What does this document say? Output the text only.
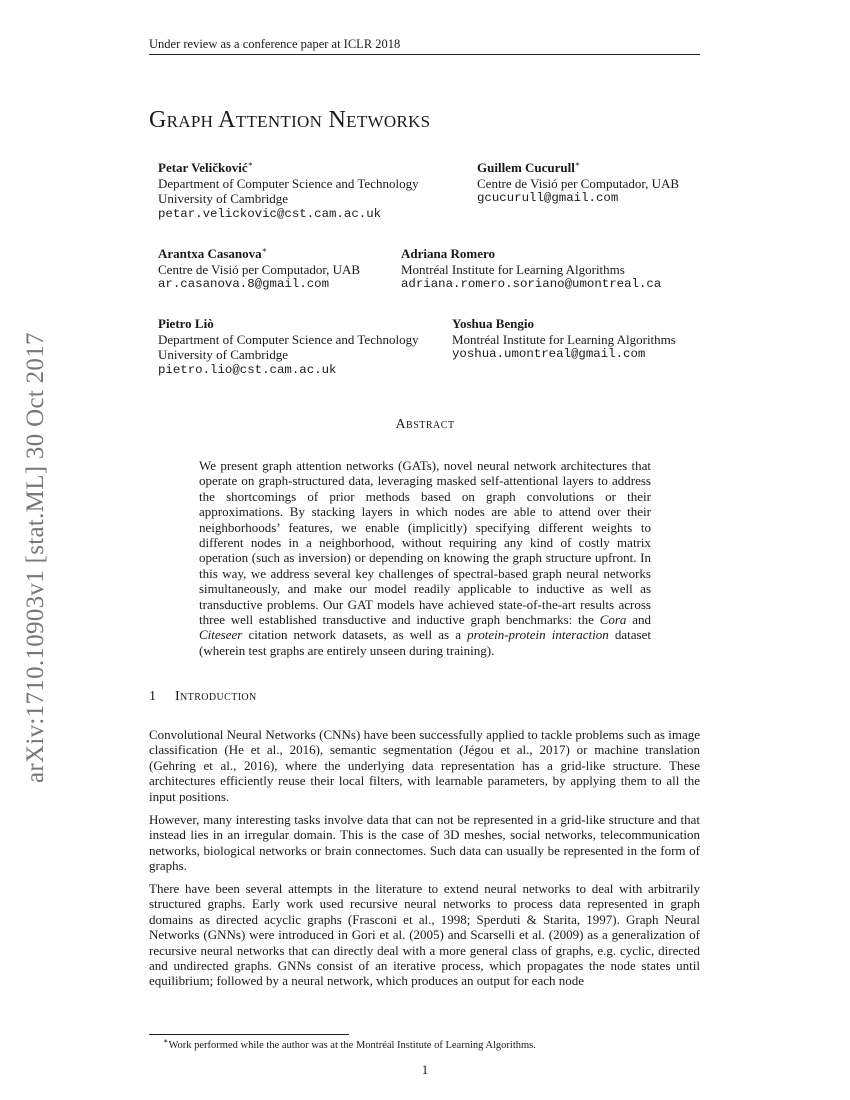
Under review as a conference paper at ICLR 2018
arXiv:1710.10903v1 [stat.ML] 30 Oct 2017
Graph Attention Networks
Petar Veličković∗
Department of Computer Science and Technology
University of Cambridge
petar.velickovic@cst.cam.ac.uk
Guillem Cucurull∗
Centre de Visió per Computador, UAB
gcucurull@gmail.com
Arantxa Casanova∗
Centre de Visió per Computador, UAB
ar.casanova.8@gmail.com
Adriana Romero
Montréal Institute for Learning Algorithms
adriana.romero.soriano@umontreal.ca
Pietro Liò
Department of Computer Science and Technology
University of Cambridge
pietro.lio@cst.cam.ac.uk
Yoshua Bengio
Montréal Institute for Learning Algorithms
yoshua.umontreal@gmail.com
Abstract
We present graph attention networks (GATs), novel neural network architectures that operate on graph-structured data, leveraging masked self-attentional layers to address the shortcomings of prior methods based on graph convolutions or their approximations. By stacking layers in which nodes are able to attend over their neighborhoods’ features, we enable (implicitly) specifying different weights to different nodes in a neighborhood, without requiring any kind of costly matrix operation (such as inversion) or depending on knowing the graph structure upfront. In this way, we address several key challenges of spectral-based graph neural networks simultaneously, and make our model readily applicable to inductive as well as transductive problems. Our GAT models have achieved state-of-the-art results across three well established transductive and inductive graph benchmarks: the Cora and Citeseer citation network datasets, as well as a protein-protein interaction dataset (wherein test graphs are entirely unseen during training).
1 Introduction
Convolutional Neural Networks (CNNs) have been successfully applied to tackle problems such as image classification (He et al., 2016), semantic segmentation (Jégou et al., 2017) or machine translation (Gehring et al., 2016), where the underlying data representation has a grid-like structure. These architectures efficiently reuse their local filters, with learnable parameters, by applying them to all the input positions.
However, many interesting tasks involve data that can not be represented in a grid-like structure and that instead lies in an irregular domain. This is the case of 3D meshes, social networks, telecommunication networks, biological networks or brain connectomes. Such data can usually be represented in the form of graphs.
There have been several attempts in the literature to extend neural networks to deal with arbitrarily structured graphs. Early work used recursive neural networks to process data represented in graph domains as directed acyclic graphs (Frasconi et al., 1998; Sperduti & Starita, 1997). Graph Neural Networks (GNNs) were introduced in Gori et al. (2005) and Scarselli et al. (2009) as a generalization of recursive neural networks that can directly deal with a more general class of graphs, e.g. cyclic, directed and undirected graphs. GNNs consist of an iterative process, which propagates the node states until equilibrium; followed by a neural network, which produces an output for each node
∗Work performed while the author was at the Montréal Institute of Learning Algorithms.
1
